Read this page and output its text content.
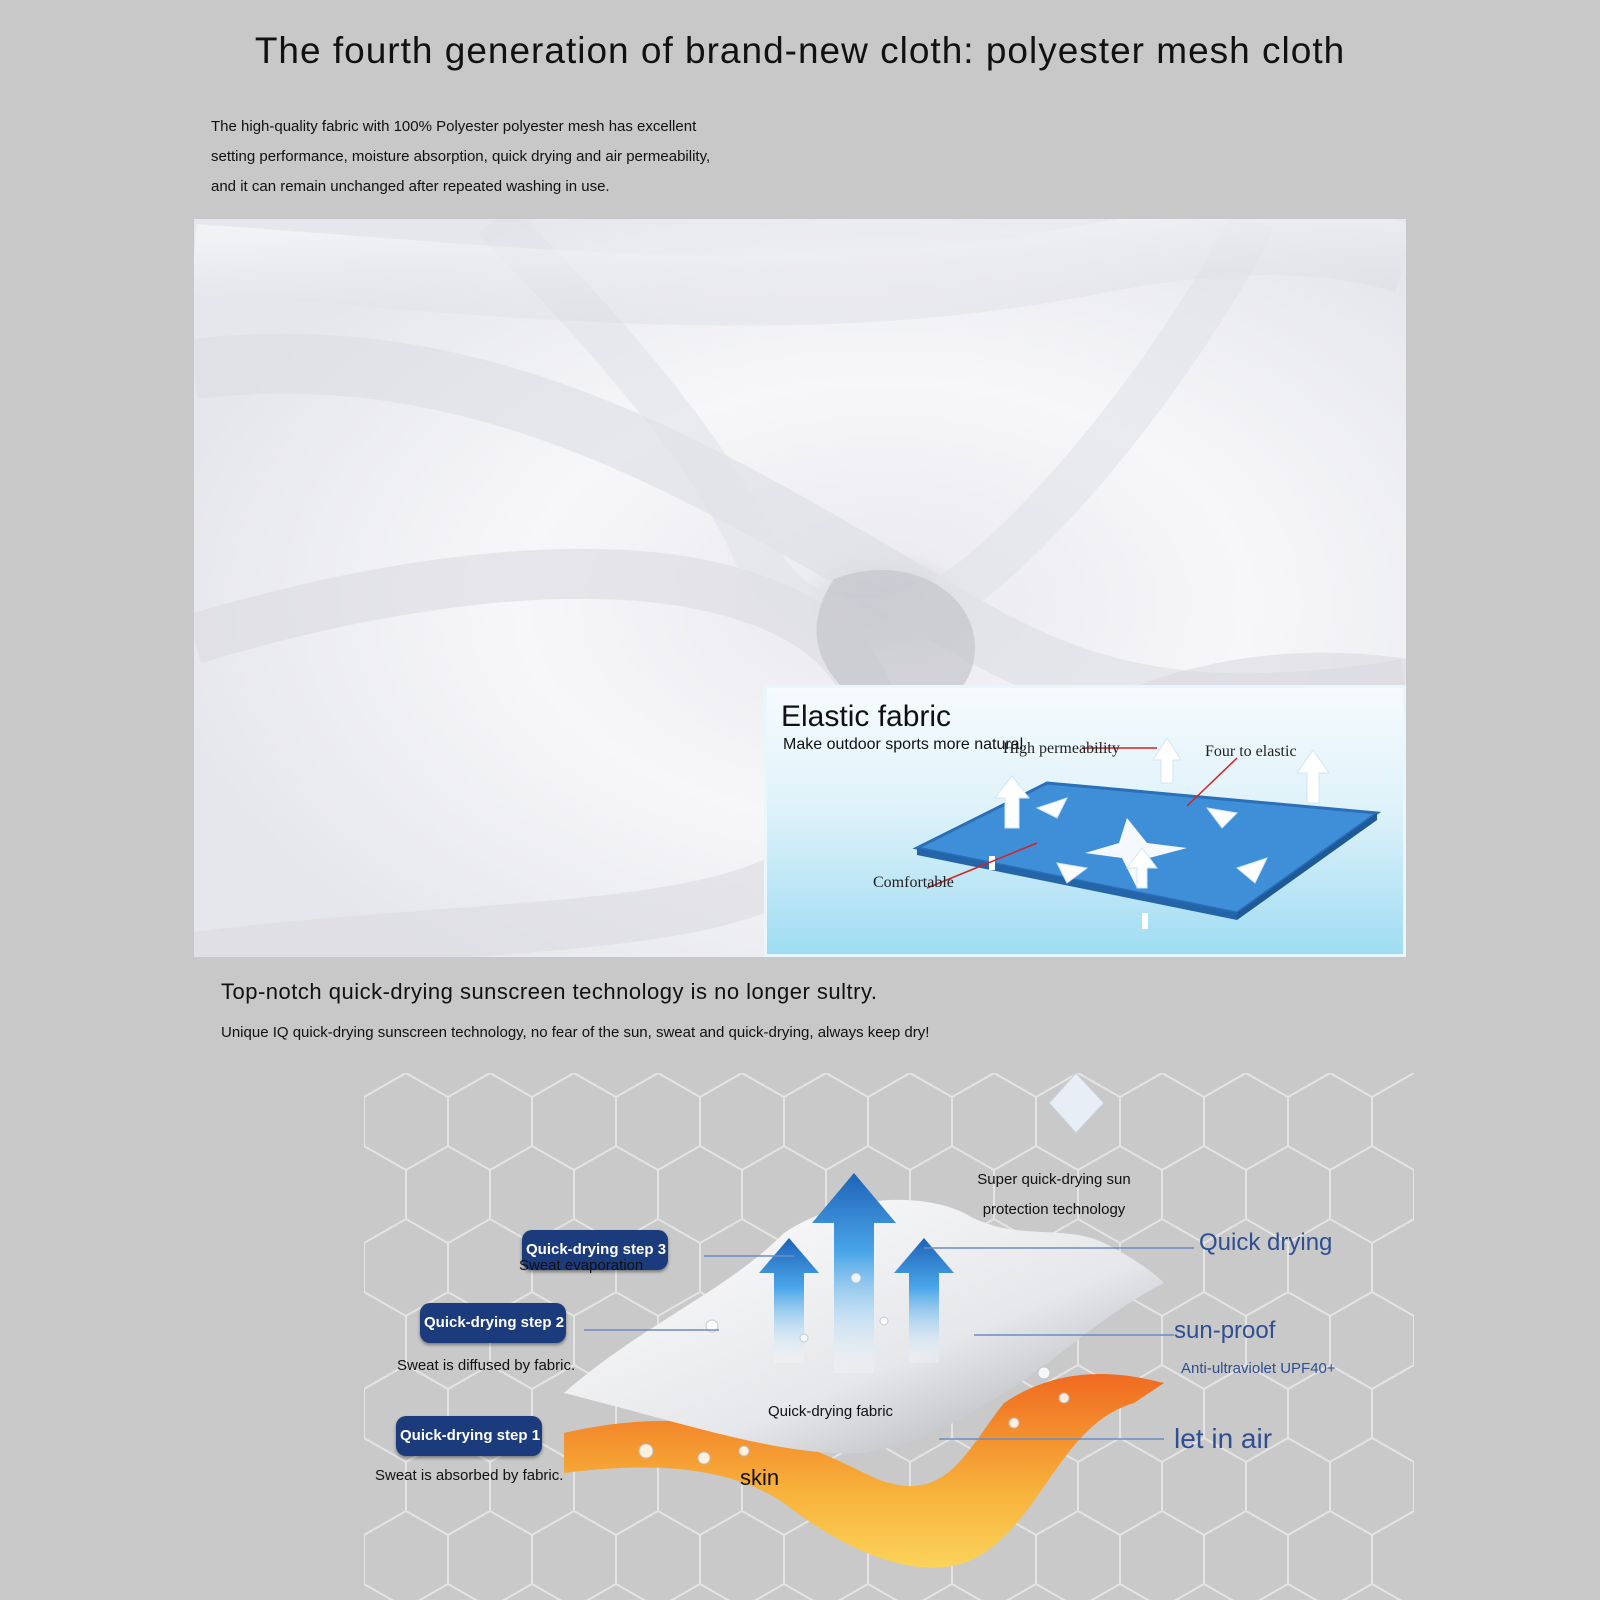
The fourth generation of brand-new cloth: polyester mesh cloth
The high-quality fabric with 100% Polyester polyester mesh has excellent
setting performance, moisture absorption, quick drying and air permeability,
and it can remain unchanged after repeated washing in use.
Elastic fabric
Make outdoor sports more natural
High permeability	Four to elastic
Comfortable
Top-notch quick-drying sunscreen technology is no longer sultry.
Unique IQ quick-drying sunscreen technology, no fear of the sun, sweat and quick-drying, always keep dry!
Super quick-drying sun
protection technology
Quick-drying step 3
Sweat evaporation
Quick-drying step 2
Sweat is diffused by fabric.
Quick-drying step 1
Sweat is absorbed by fabric.
Quick drying
sun-proof
Anti-ultraviolet UPF40+
let in air
Quick-drying fabric
skin
